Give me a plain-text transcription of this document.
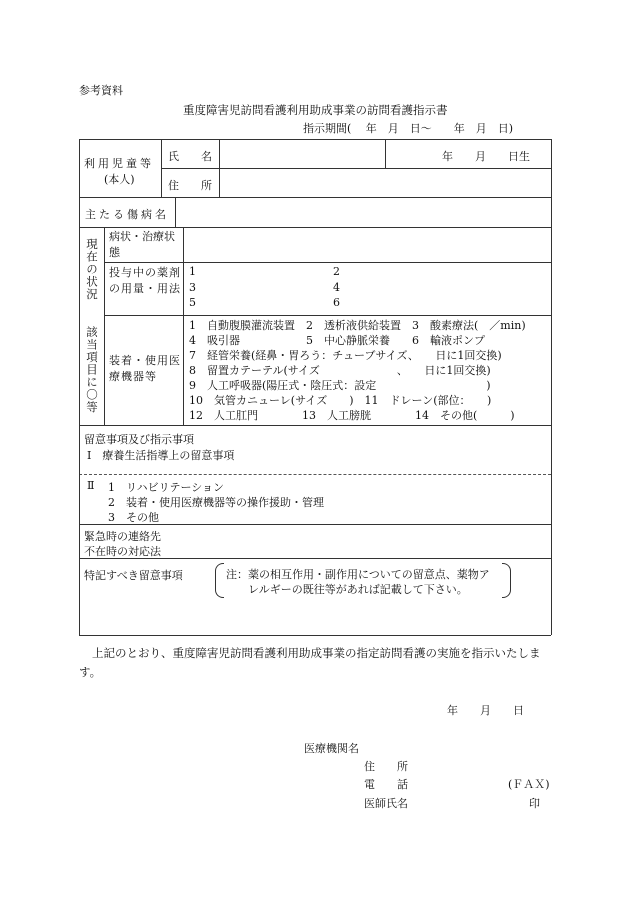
参考資料
重度障害児訪問看護利用助成事業の訪問看護指示書
指示期間(　 年　月　日～　　年　月　日)
利用児童等
(本人)
氏　　名	年　　月　　日生
住　　所
主たる傷病名
現在の状況
該当項目に〇等
病状・治療状態
投与中の薬剤の用量・用法
1	2
3	4
5	6
装着・使用医療機器等
1　自動腹膜灌流装置　2　透析液供給装置　3　酸素療法(　／min)
4　吸引器　　　　　　5　中心静脈栄養　　6　輸液ポンプ
7　経管栄養(経鼻・胃ろう：チューブサイズ、　　日に1回交換)
8　留置カテーテル(サイズ　　　　　　　、　　日に1回交換)
9　人工呼吸器(陽圧式・陰圧式：設定　　　　　　　　　　)
10　気管カニューレ(サイズ　　)　11　ドレーン(部位：　　)
12　人工肛門　　　　13　人工膀胱　　　　14　その他(　　　)
留意事項及び指示事項
Ⅰ　療養生活指導上の留意事項
Ⅱ 1　リハビリテーション
2　装着・使用医療機器等の操作援助・管理
3　その他
緊急時の連絡先
不在時の対応法
特記すべき留意事項	注：薬の相互作用・副作用についての留意点、薬物ア
　　レルギーの既往等があれば記載して下さい。
上記のとおり、重度障害児訪問看護利用助成事業の指定訪問看護の実施を指示いたしま
す。
年　　月　　日
医療機関名
住　　所
電　　話	(ＦＡＸ)
医師氏名	印
